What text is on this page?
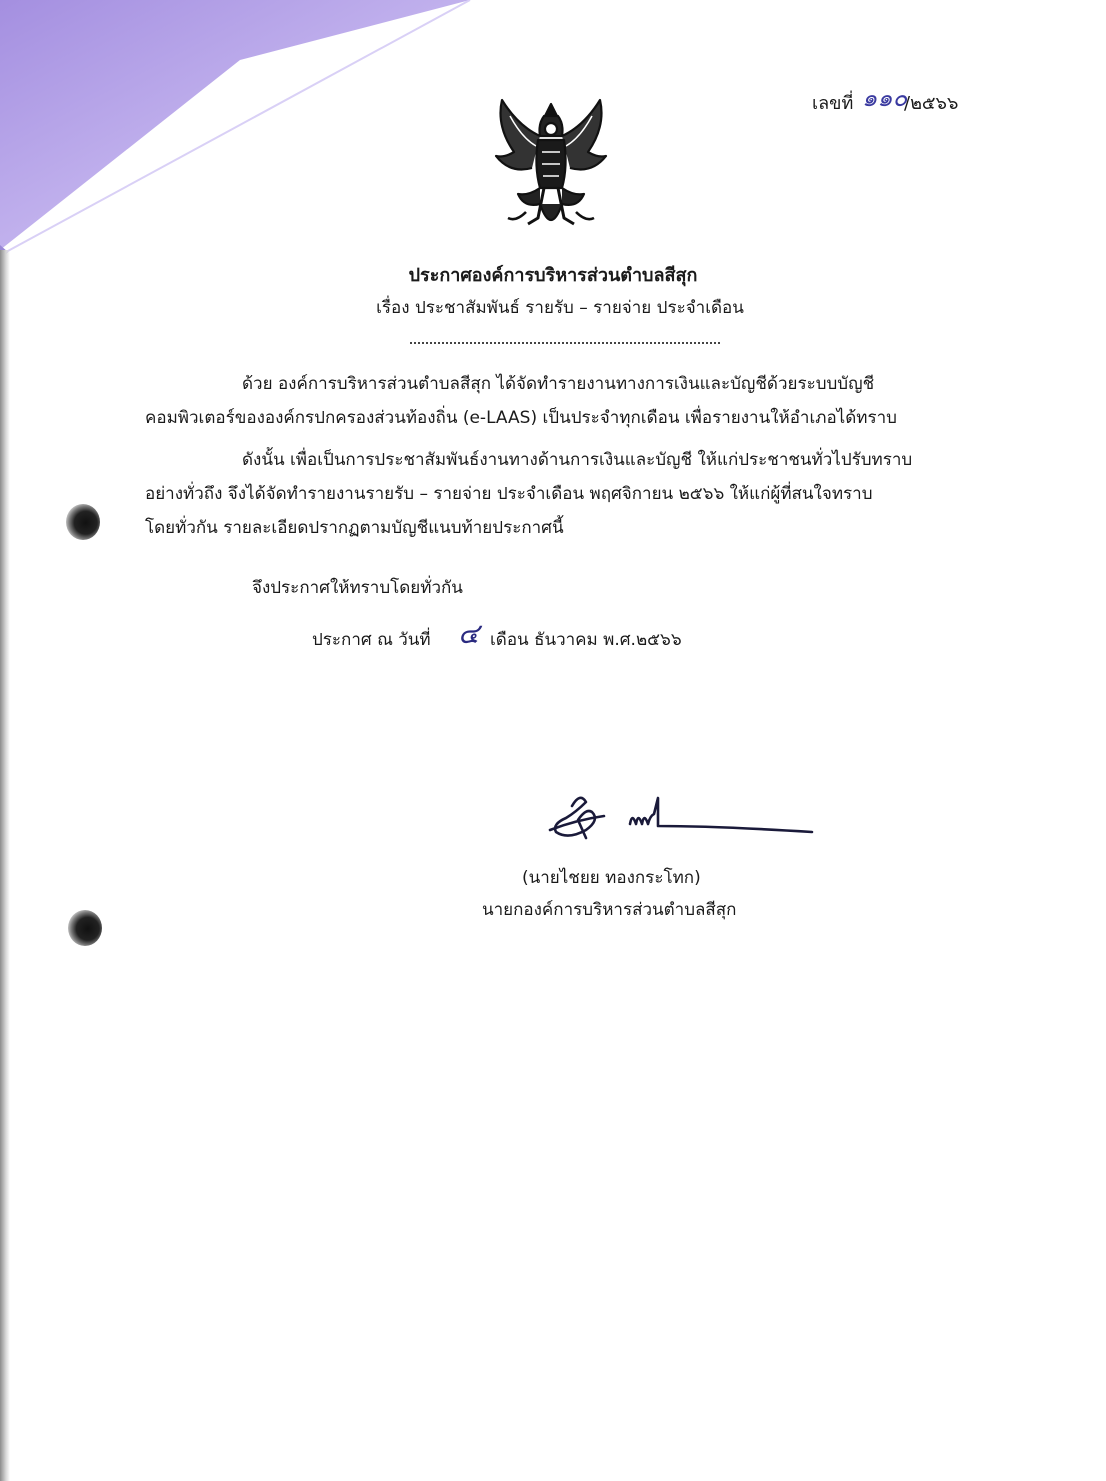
เลขที่ ๑๑๐
/๒๕๖๖
ประกาศองค์การบริหารส่วนตำบลสีสุก
เรื่อง ประชาสัมพันธ์ รายรับ – รายจ่าย ประจำเดือน
ด้วย องค์การบริหารส่วนตำบลสีสุก ได้จัดทำรายงานทางการเงินและบัญชีด้วยระบบบัญชี
คอมพิวเตอร์ขององค์กรปกครองส่วนท้องถิ่น (e-LAAS) เป็นประจำทุกเดือน เพื่อรายงานให้อำเภอได้ทราบ
ดังนั้น เพื่อเป็นการประชาสัมพันธ์งานทางด้านการเงินและบัญชี ให้แก่ประชาชนทั่วไปรับทราบ
อย่างทั่วถึง จึงได้จัดทำรายงานรายรับ – รายจ่าย ประจำเดือน พฤศจิกายน ๒๕๖๖ ให้แก่ผู้ที่สนใจทราบ
โดยทั่วกัน รายละเอียดปรากฏตามบัญชีแนบท้ายประกาศนี้
จึงประกาศให้ทราบโดยทั่วกัน
ประกาศ ณ วันที่ ๔ เดือน ธันวาคม พ.ศ.๒๕๖๖
(นายไชยย ทองกระโทก)
นายกองค์การบริหารส่วนตำบลสีสุก
